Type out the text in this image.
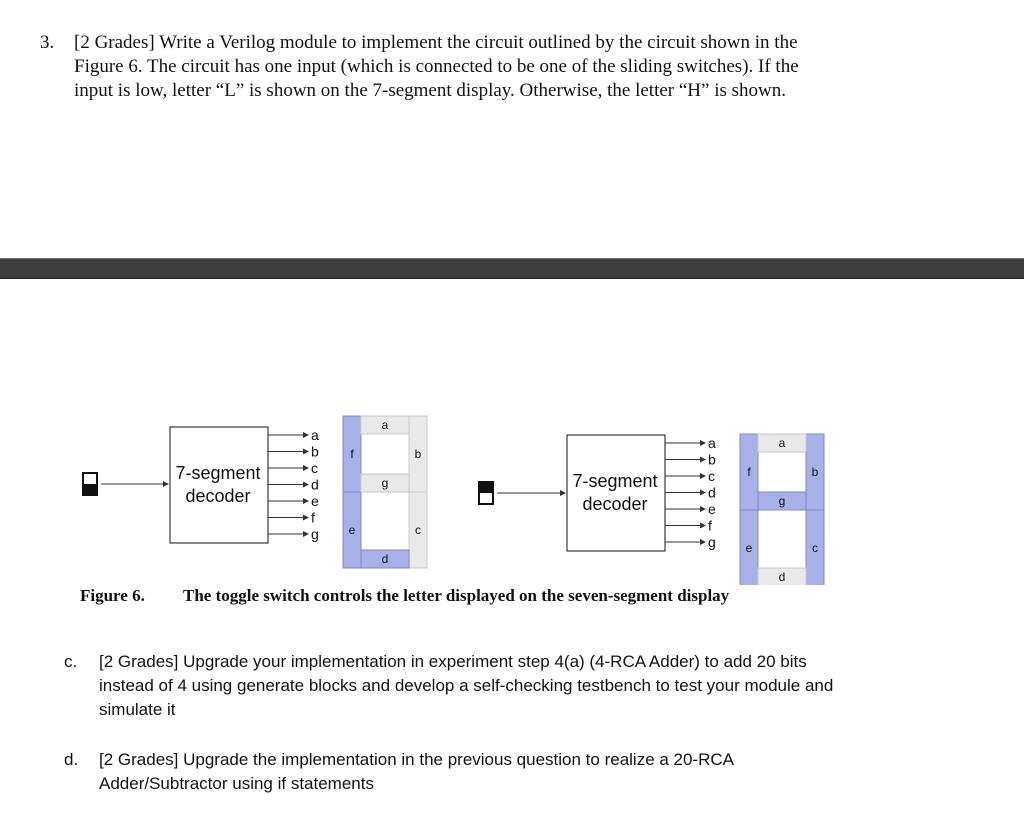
3. [2 Grades] Write a Verilog module to implement the circuit outlined by the circuit shown in the
Figure 6. The circuit has one input (which is connected to be one of the sliding switches). If the
input is low, letter “L” is shown on the 7-segment display. Otherwise, the letter “H” is shown.
7-segment
decoder
a
b
c
d
e
f
g
f	b
e	c
a
g
d
7-segment
decoder
a
b
c
d
e
f
g
f	b
e	c
a
g
d
Figure 6. The toggle switch controls the letter displayed on the seven-segment display
c. [2 Grades] Upgrade your implementation in experiment step 4(a) (4-RCA Adder) to add 20 bits
instead of 4 using generate blocks and develop a self-checking testbench to test your module and
simulate it
d. [2 Grades] Upgrade the implementation in the previous question to realize a 20-RCA
Adder/Subtractor using if statements
